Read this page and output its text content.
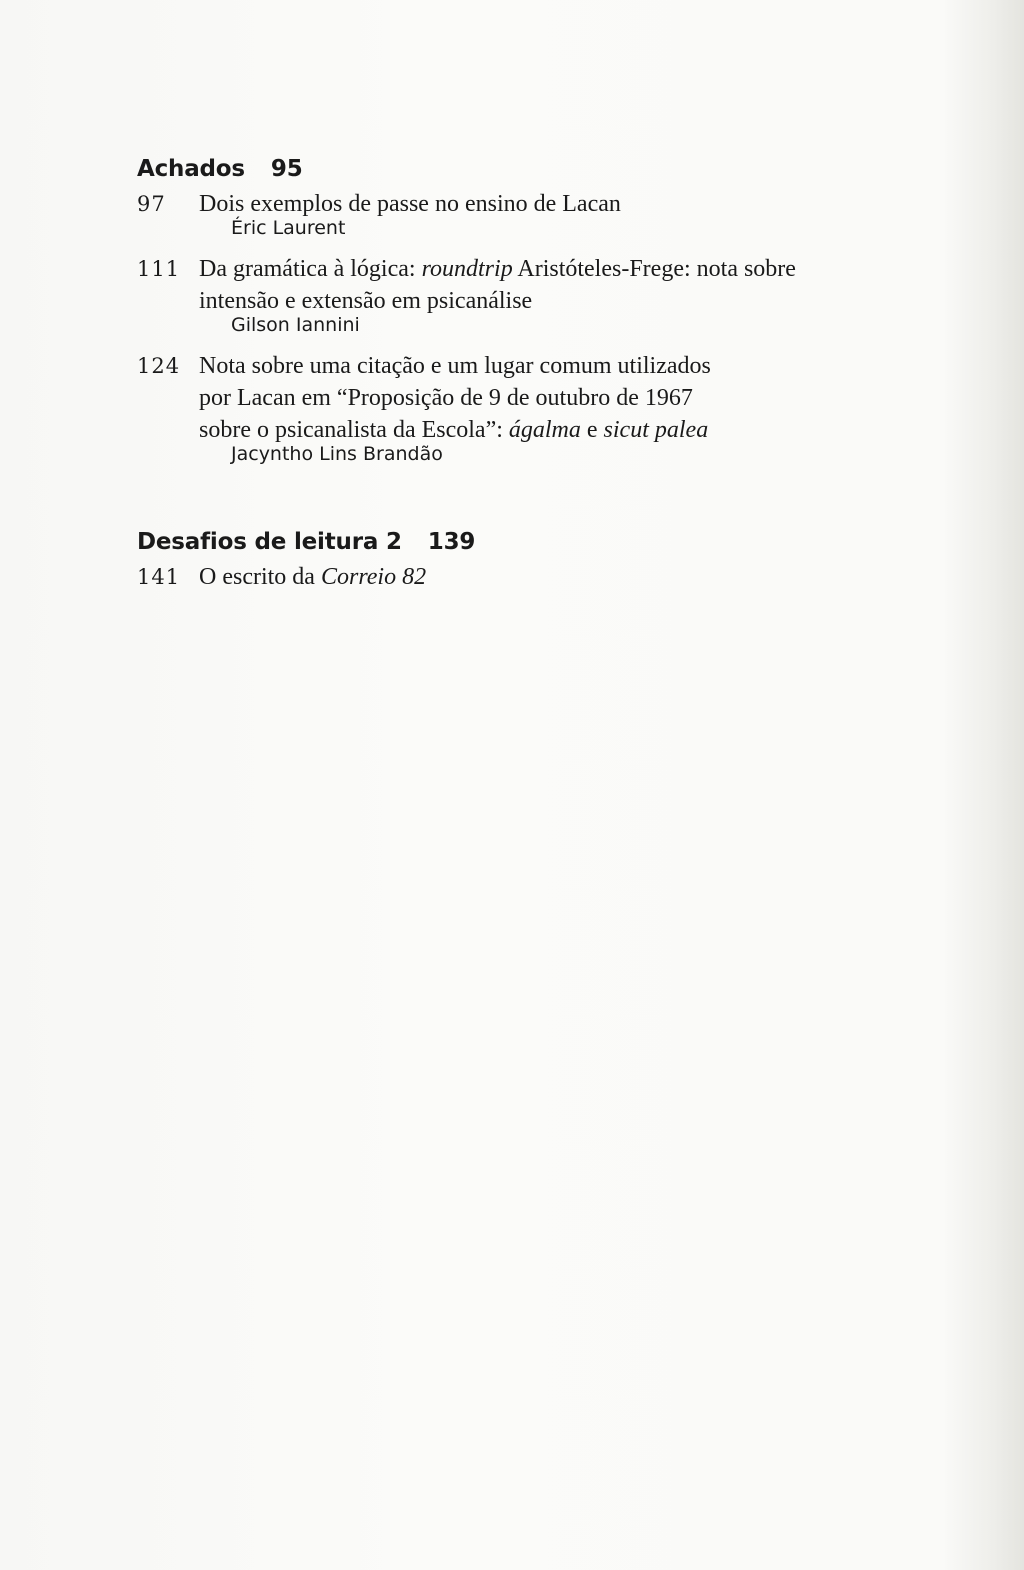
Achados 95
97 Dois exemplos de passe no ensino de Lacan
Éric Laurent
111 Da gramática à lógica: roundtrip Aristóteles-Frege: nota sobre
intensão e extensão em psicanálise
Gilson Iannini
124 Nota sobre uma citação e um lugar comum utilizados
por Lacan em “Proposição de 9 de outubro de 1967
sobre o psicanalista da Escola”: ágalma e sicut palea
Jacyntho Lins Brandão
Desafios de leitura 2 139
141 O escrito da Correio 82
